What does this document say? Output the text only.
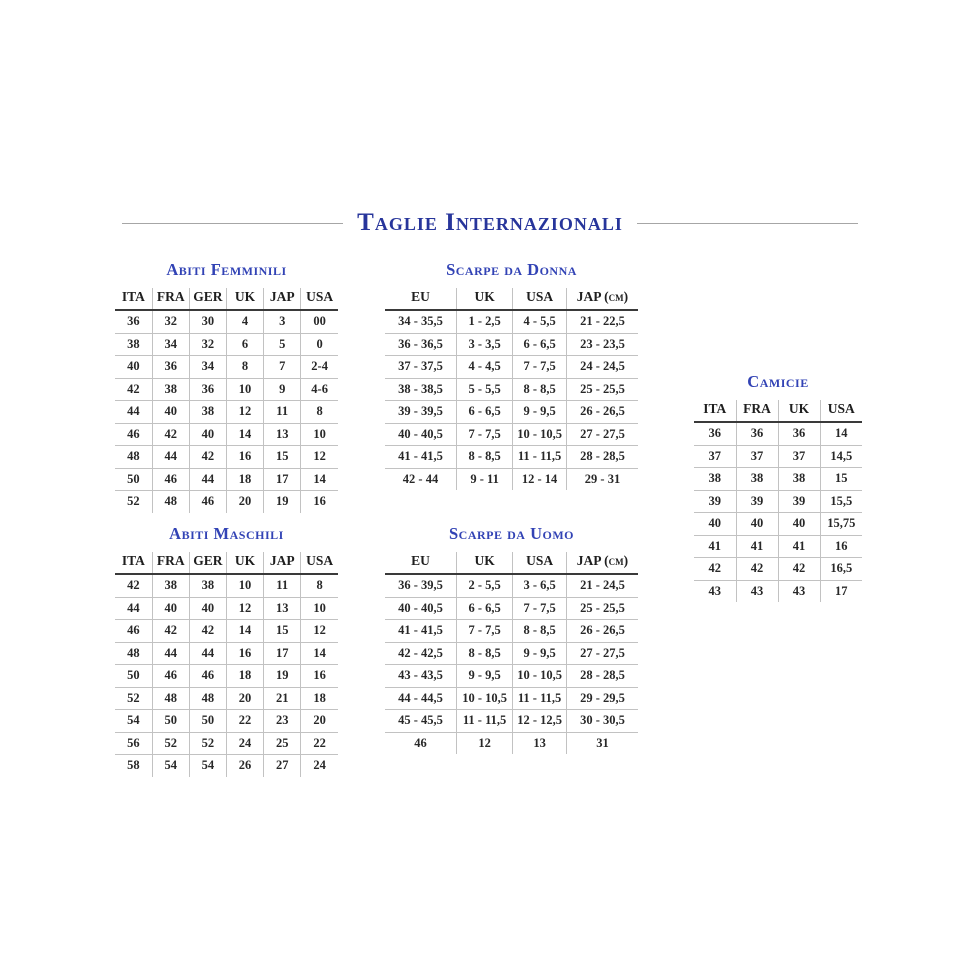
Taglie Internazionali
Abiti Femminili
ITA	FRA	GER	UK	JAP	USA
36	32	30	4	3	00
38	34	32	6	5	0
40	36	34	8	7	2-4
42	38	36	10	9	4-6
44	40	38	12	11	8
46	42	40	14	13	10
48	44	42	16	15	12
50	46	44	18	17	14
52	48	46	20	19	16
Scarpe da Donna
EU	UK	USA	JAP (cm)
34 - 35,5	1 - 2,5	4 - 5,5	21 - 22,5
36 - 36,5	3 - 3,5	6 - 6,5	23 - 23,5
37 - 37,5	4 - 4,5	7 - 7,5	24 - 24,5
38 - 38,5	5 - 5,5	8 - 8,5	25 - 25,5
39 - 39,5	6 - 6,5	9 - 9,5	26 - 26,5
40 - 40,5	7 - 7,5	10 - 10,5	27 - 27,5
41 - 41,5	8 - 8,5	11 - 11,5	28 - 28,5
42 - 44	9 - 11	12 - 14	29 - 31
Camicie
ITA	FRA	UK	USA
36	36	36	14
37	37	37	14,5
38	38	38	15
39	39	39	15,5
40	40	40	15,75
41	41	41	16
42	42	42	16,5
43	43	43	17
Abiti Maschili
ITA	FRA	GER	UK	JAP	USA
42	38	38	10	11	8
44	40	40	12	13	10
46	42	42	14	15	12
48	44	44	16	17	14
50	46	46	18	19	16
52	48	48	20	21	18
54	50	50	22	23	20
56	52	52	24	25	22
58	54	54	26	27	24
Scarpe da Uomo
EU	UK	USA	JAP (cm)
36 - 39,5	2 - 5,5	3 - 6,5	21 - 24,5
40 - 40,5	6 - 6,5	7 - 7,5	25 - 25,5
41 - 41,5	7 - 7,5	8 - 8,5	26 - 26,5
42 - 42,5	8 - 8,5	9 - 9,5	27 - 27,5
43 - 43,5	9 - 9,5	10 - 10,5	28 - 28,5
44 - 44,5	10 - 10,5	11 - 11,5	29 - 29,5
45 - 45,5	11 - 11,5	12 - 12,5	30 - 30,5
46	12	13	31
